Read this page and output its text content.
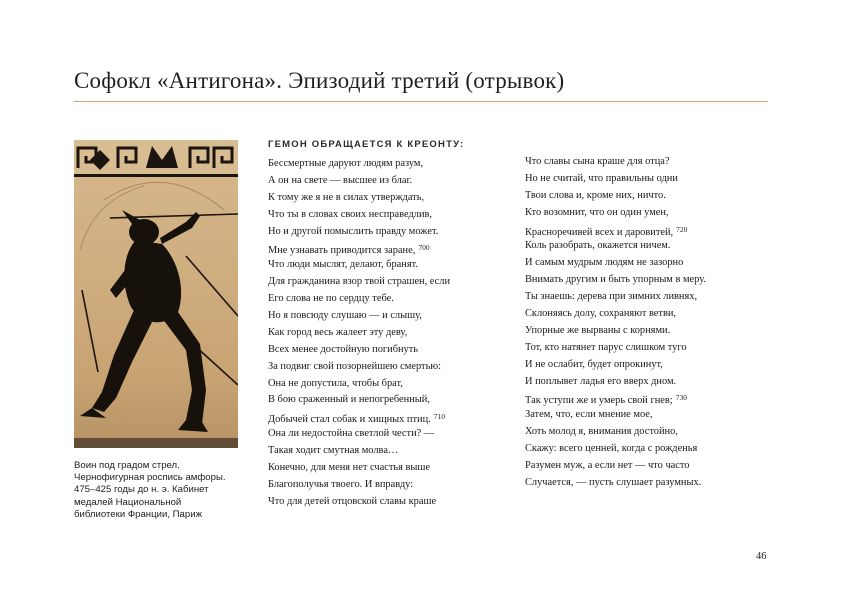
Софокл «Антигона». Эпизодий третий (отрывок)
Воин под градом стрел.
Чернофигурная роспись амфоры.
475–425 годы до н. э. Кабинет
медалей Национальной
библиотеки Франции, Париж
ГЕМОН ОБРАЩАЕТСЯ К КРЕОНТУ:
Бессмертные даруют людям разум,
А он на свете — высшее из благ.
К тому же я не в силах утверждать,
Что ты в словах своих несправедлив,
Но и другой помыслить правду может.
Мне узнавать приводится заране, $^{700}$
Что люди мыслят, делают, бранят.
Для гражданина взор твой страшен, если
Его слова не по сердцу тебе.
Но я повсюду слушаю — и слышу,
Как город весь жалеет эту деву,
Всех менее достойную погибнуть
За подвиг свой позорнейшею смертью:
Она не допустила, чтобы брат,
В бою сраженный и непогребенный,
Добычей стал собак и хищных птиц. $^{710}$
Она ли недостойна светлой чести? —
Такая ходит смутная молва…
Конечно, для меня нет счастья выше
Благополучья твоего. И вправду:
Что для детей отцовской славы краше
Что славы сына краше для отца?
Но не считай, что правильны одни
Твои слова и, кроме них, ничто.
Кто возомнит, что он один умен,
Красноречивей всех и даровитей, $^{720}$
Коль разобрать, окажется ничем.
И самым мудрым людям не зазорно
Внимать другим и быть упорным в меру.
Ты знаешь: дерева при зимних ливнях,
Склоняясь долу, сохраняют ветви,
Упорные же вырваны с корнями.
Тот, кто натянет парус слишком туго
И не ослабит, будет опрокинут,
И поплывет ладья его вверх дном.
Так уступи же и умерь свой гнев; $^{730}$
Затем, что, если мнение мое,
Хоть молод я, внимания достойно,
Скажу: всего ценней, когда с рожденья
Разумен муж, а если нет — что часто
Случается, — пусть слушает разумных.
46
